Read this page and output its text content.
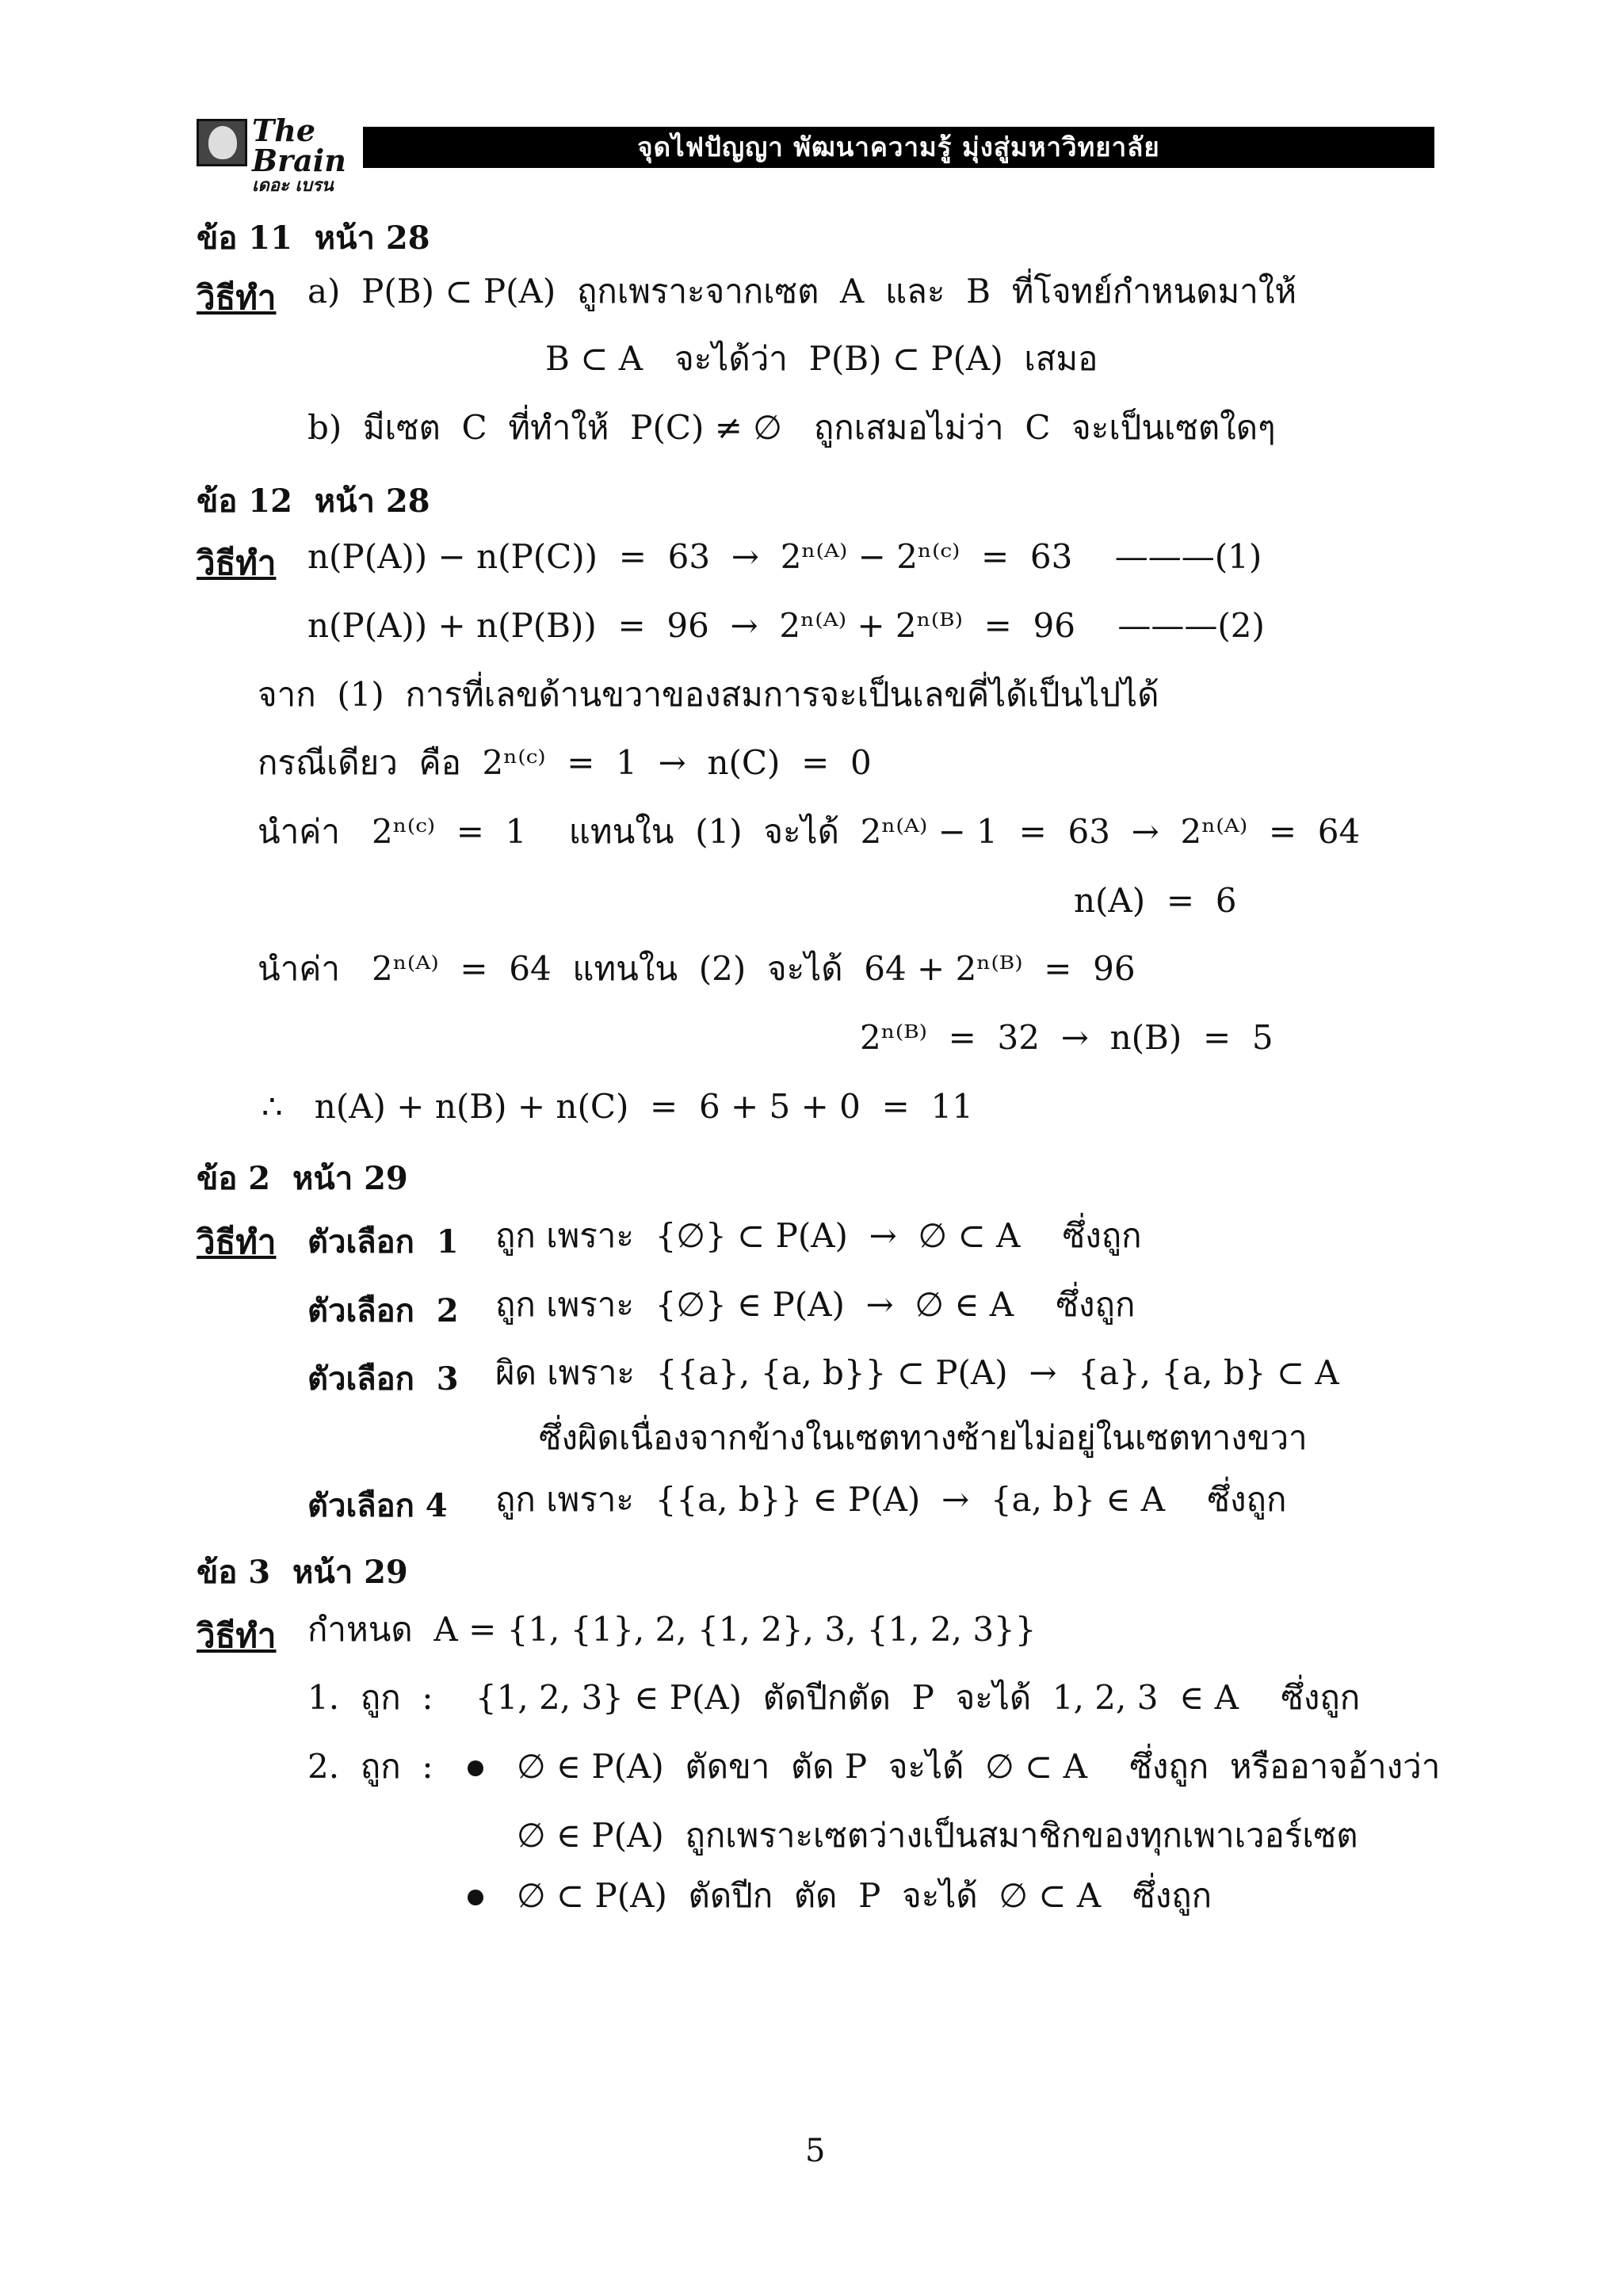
The Brain
เดอะ เบรน
จุดไฟปัญญา พัฒนาความรู้ มุ่งสู่มหาวิทยาลัย
ข้อ 11  หน้า 28
วิธีทำ a)  P(B) ⊂ P(A)  ถูกเพราะจากเซต  A  และ  B  ที่โจทย์กำหนดมาให้
B ⊂ A   จะได้ว่า  P(B) ⊂ P(A)  เสมอ
b)  มีเซต  C  ที่ทำให้  P(C) ≠ ∅   ถูกเสมอไม่ว่า  C  จะเป็นเซตใดๆ
ข้อ 12  หน้า 28
วิธีทำ n(P(A)) − n(P(C))  =  63  →  2ⁿ⁽ᴬ⁾ − 2ⁿ⁽ᶜ⁾  =  63    ———(1)
n(P(A)) + n(P(B))  =  96  →  2ⁿ⁽ᴬ⁾ + 2ⁿ⁽ᴮ⁾  =  96    ———(2)
จาก  (1)  การที่เลขด้านขวาของสมการจะเป็นเลขคี่ได้เป็นไปได้
กรณีเดียว  คือ  2ⁿ⁽ᶜ⁾  =  1  →  n(C)  =  0
นำค่า   2ⁿ⁽ᶜ⁾  =  1    แทนใน  (1)  จะได้  2ⁿ⁽ᴬ⁾ − 1  =  63  →  2ⁿ⁽ᴬ⁾  =  64
n(A)  =  6
นำค่า   2ⁿ⁽ᴬ⁾  =  64  แทนใน  (2)  จะได้  64 + 2ⁿ⁽ᴮ⁾  =  96
2ⁿ⁽ᴮ⁾  =  32  →  n(B)  =  5
∴   n(A) + n(B) + n(C)  =  6 + 5 + 0  =  11
ข้อ 2  หน้า 29
วิธีทำ ตัวเลือก  1 ถูก เพราะ  {∅} ⊂ P(A)  →  ∅ ⊂ A    ซึ่งถูก
ตัวเลือก  2 ถูก เพราะ  {∅} ∈ P(A)  →  ∅ ∈ A    ซึ่งถูก
ตัวเลือก  3 ผิด เพราะ  {{a}, {a, b}} ⊂ P(A)  →  {a}, {a, b} ⊂ A
ซึ่งผิดเนื่องจากข้างในเซตทางซ้ายไม่อยู่ในเซตทางขวา
ตัวเลือก 4 ถูก เพราะ  {{a, b}} ∈ P(A)  →  {a, b} ∈ A    ซึ่งถูก
ข้อ 3  หน้า 29
วิธีทำ กำหนด  A = {1, {1}, 2, {1, 2}, 3, {1, 2, 3}}
1.  ถูก  :    {1, 2, 3} ∈ P(A)  ตัดปีกตัด  P  จะได้  1, 2, 3  ∈ A    ซึ่งถูก
2.  ถูก  :	∅ ∈ P(A)  ตัดขา  ตัด P  จะได้  ∅ ⊂ A    ซึ่งถูก  หรืออาจอ้างว่า
∅ ∈ P(A)  ถูกเพราะเซตว่างเป็นสมาชิกของทุกเพาเวอร์เซต
∅ ⊂ P(A)  ตัดปีก  ตัด  P  จะได้  ∅ ⊂ A   ซึ่งถูก
5
